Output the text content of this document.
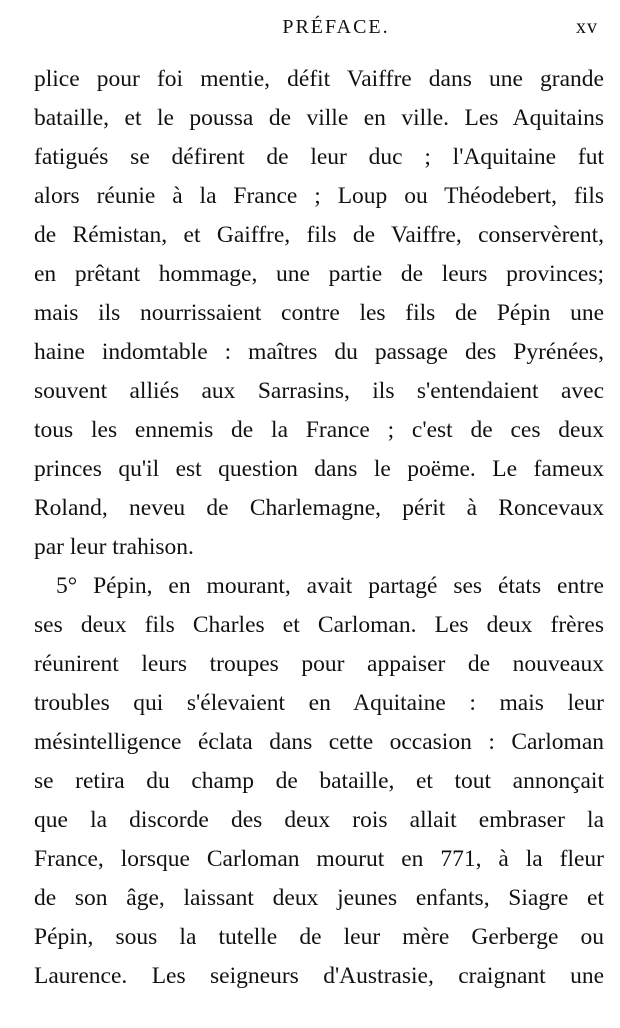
PRÉFACE.	xv
plice pour foi mentie, défit Vaiffre dans une grande
bataille, et le poussa de ville en ville. Les Aquitains
fatigués se défirent de leur duc ; l'Aquitaine fut
alors réunie à la France ; Loup ou Théodebert, fils
de Rémistan, et Gaiffre, fils de Vaiffre, conservèrent,
en prêtant hommage, une partie de leurs provinces;
mais ils nourrissaient contre les fils de Pépin une
haine indomtable : maîtres du passage des Pyrénées,
souvent alliés aux Sarrasins, ils s'entendaient avec
tous les ennemis de la France ; c'est de ces deux
princes qu'il est question dans le poëme. Le fameux
Roland, neveu de Charlemagne, périt à Roncevaux
par leur trahison.
5° Pépin, en mourant, avait partagé ses états entre
ses deux fils Charles et Carloman. Les deux frères
réunirent leurs troupes pour appaiser de nouveaux
troubles qui s'élevaient en Aquitaine : mais leur
mésintelligence éclata dans cette occasion : Carloman
se retira du champ de bataille, et tout annonçait
que la discorde des deux rois allait embraser la
France, lorsque Carloman mourut en 771, à la fleur
de son âge, laissant deux jeunes enfants, Siagre et
Pépin, sous la tutelle de leur mère Gerberge ou
Laurence. Les seigneurs d'Austrasie, craignant une
